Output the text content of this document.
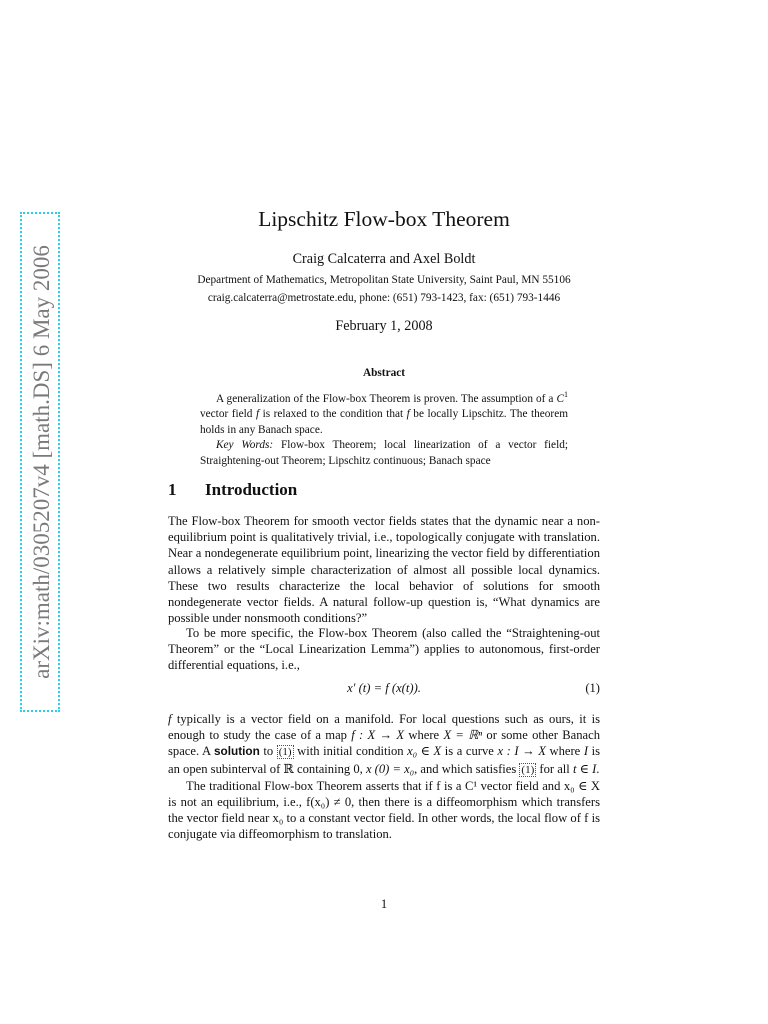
arXiv:math/0305207v4 [math.DS] 6 May 2006
Lipschitz Flow-box Theorem
Craig Calcaterra and Axel Boldt
Department of Mathematics, Metropolitan State University, Saint Paul, MN 55106
craig.calcaterra@metrostate.edu, phone: (651) 793-1423, fax: (651) 793-1446
February 1, 2008
Abstract

A generalization of the Flow-box Theorem is proven. The assumption of a $C^1$ vector field f is relaxed to the condition that f be locally Lipschitz. The theorem holds in any Banach space.

Key Words: Flow-box Theorem; local linearization of a vector field; Straightening-out Theorem; Lipschitz continuous; Banach space

1 Introduction

The Flow-box Theorem for smooth vector fields states that the dynamic near a non-equilibrium point is qualitatively trivial, i.e., topologically conjugate with translation. Near a nondegenerate equilibrium point, linearizing the vector field by differentiation allows a relatively simple characterization of almost all possible local dynamics. These two results characterize the local behavior of solutions for smooth nondegenerate vector fields. A natural follow-up question is, “What dynamics are possible under nonsmooth conditions?”

To be more specific, the Flow-box Theorem (also called the “Straightening-out Theorem” or the “Local Linearization Lemma”) applies to autonomous, first-order differential equations, i.e.,

x′ (t) = f (x(t)).	(1)

f typically is a vector field on a manifold. For local questions such as ours, it is enough to study the case of a map f : X → X where X = ℝⁿ or some other Banach space. A solution to (1) with initial condition x₀ ∈ X is a curve x : I → X where I is an open subinterval of ℝ containing 0, x (0) = x₀, and which satisfies (1) for all t ∈ I.

The traditional Flow-box Theorem asserts that if f is a C¹ vector field and x₀ ∈ X is not an equilibrium, i.e., f(x₀) ≠ 0, then there is a diffeomorphism which transfers the vector field near x₀ to a constant vector field. In other words, the local flow of f is conjugate via diffeomorphism to translation.

1
